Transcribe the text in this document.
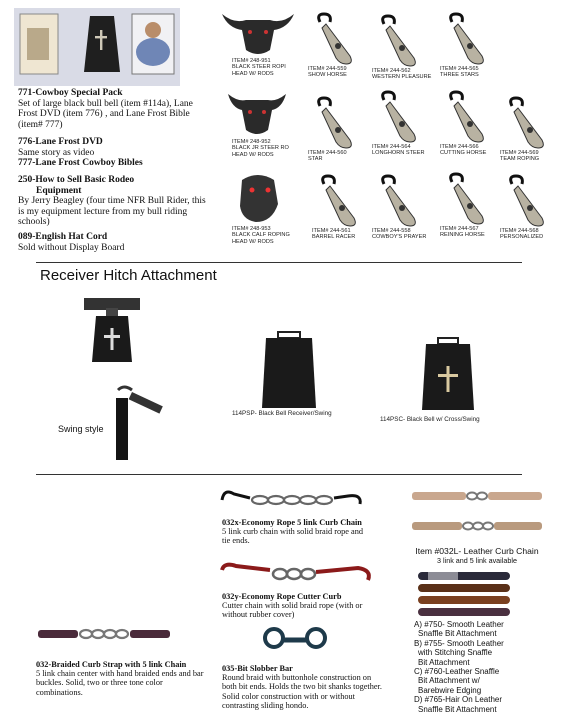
771-Cowboy Special Pack
Set of large black bull bell (item #114a), Lane Frost DVD (item 776) , and Lane Frost Bible (item# 777)
776-Lane Frost DVD
Same story as video
777-Lane Frost Cowboy Bibles
250-How to Sell Basic Rodeo
Equipment
By Jerry Beagley (four time NFR Bull Rider, this is my equipment lecture from my bull riding schools)
089-English Hat Cord
Sold without Display Board
ITEM# 248-951
BLACK STEER ROPI
HEAD W/ RODS
ITEM# 248-952
BLACK JR STEER RO
HEAD W/ RODS
ITEM# 248-953
BLACK CALF ROPING
HEAD W/ RODS
ITEM# 244-559
SHOW HORSE
ITEM# 244-562
WESTERN PLEASURE
ITEM# 244-565
THREE STARS
ITEM# 244-560
STAR
ITEM# 244-564
LONGHORN STEER
ITEM# 244-566
CUTTING HORSE	ITEM# 244-569
TEAM ROPING
ITEM# 244-561
BARREL RACER
ITEM# 244-558
COWBOY'S PRAYER
ITEM# 244-567
REINING HORSE
ITEM# 244-568
PERSONALIZED
Receiver Hitch Attachment
Swing style
114PSP- Black Bell Receiver/Swing
114PSC- Black Bell w/ Cross/Swing
032x-Economy Rope 5 link Curb Chain
5 link curb chain with solid braid rope and tie ends.
032y-Economy Rope Cutter Curb
Cutter chain with solid braid rope (with or without rubber cover)
032-Braided Curb Strap with 5 link Chain
5 link chain center with hand braided ends and bar buckles. Solid, two or three tone color combinations.
035-Bit Slobber Bar
Round braid with buttonhole construction on both bit ends. Holds the two bit shanks together. Solid color construction with or without contrasting sliding hondo.
Item #032L- Leather Curb Chain
3 link and 5 link available
A) #750- Smooth Leather
Snaffle Bit Attachment
B) #755- Smooth Leather
with Stitching Snaffle
Bit Attachment
C) #760-Leather Snaffle
Bit Attachment w/
Barebwire Edging
D) #765-Hair On Leather
Snaffle Bit Attachment
